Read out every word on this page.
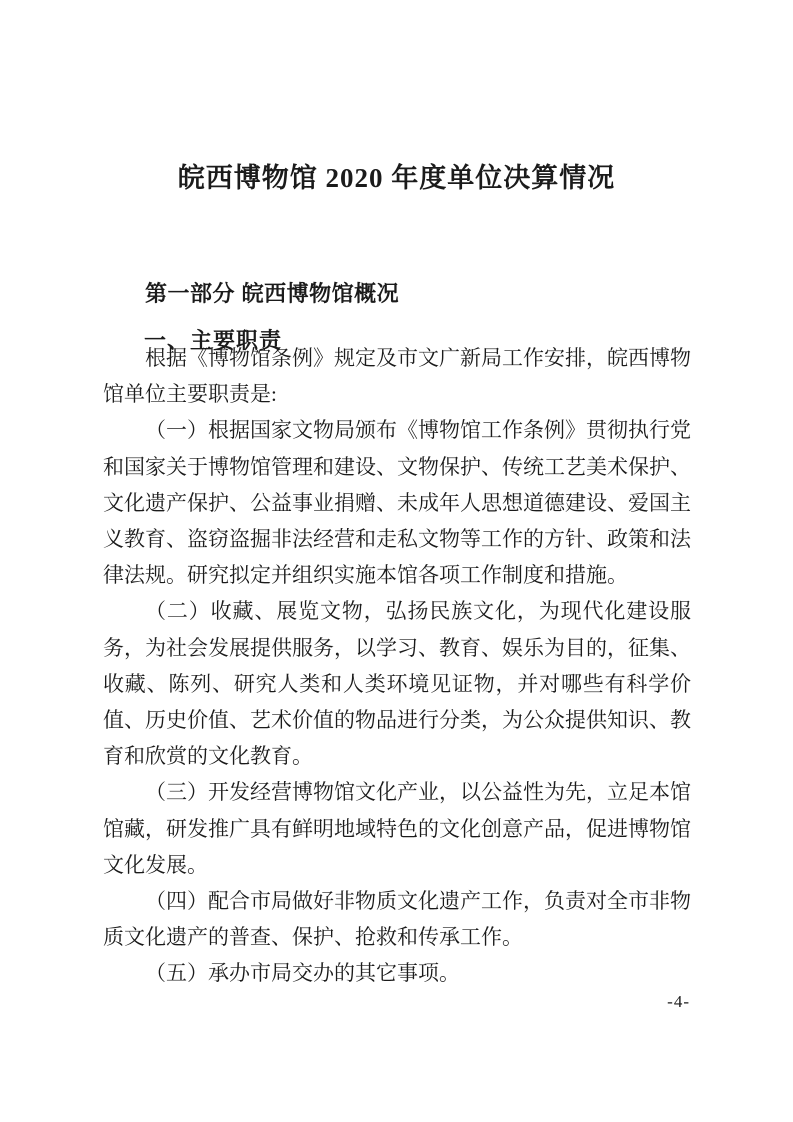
皖西博物馆 2020 年度单位决算情况
第一部分 皖西博物馆概况
一、主要职责

根据《博物馆条例》规定及市文广新局工作安排，皖西博物馆单位主要职责是:

（一）根据国家文物局颁布《博物馆工作条例》贯彻执行党和国家关于博物馆管理和建设、文物保护、传统工艺美术保护、文化遗产保护、公益事业捐赠、未成年人思想道德建设、爱国主义教育、盗窃盗掘非法经营和走私文物等工作的方针、政策和法律法规。研究拟定并组织实施本馆各项工作制度和措施。

（二）收藏、展览文物，弘扬民族文化，为现代化建设服务，为社会发展提供服务，以学习、教育、娱乐为目的，征集、收藏、陈列、研究人类和人类环境见证物，并对哪些有科学价值、历史价值、艺术价值的物品进行分类，为公众提供知识、教育和欣赏的文化教育。

（三）开发经营博物馆文化产业，以公益性为先，立足本馆馆藏，研发推广具有鲜明地域特色的文化创意产品，促进博物馆文化发展。

（四）配合市局做好非物质文化遗产工作，负责对全市非物质文化遗产的普查、保护、抢救和传承工作。

（五）承办市局交办的其它事项。

-4-
